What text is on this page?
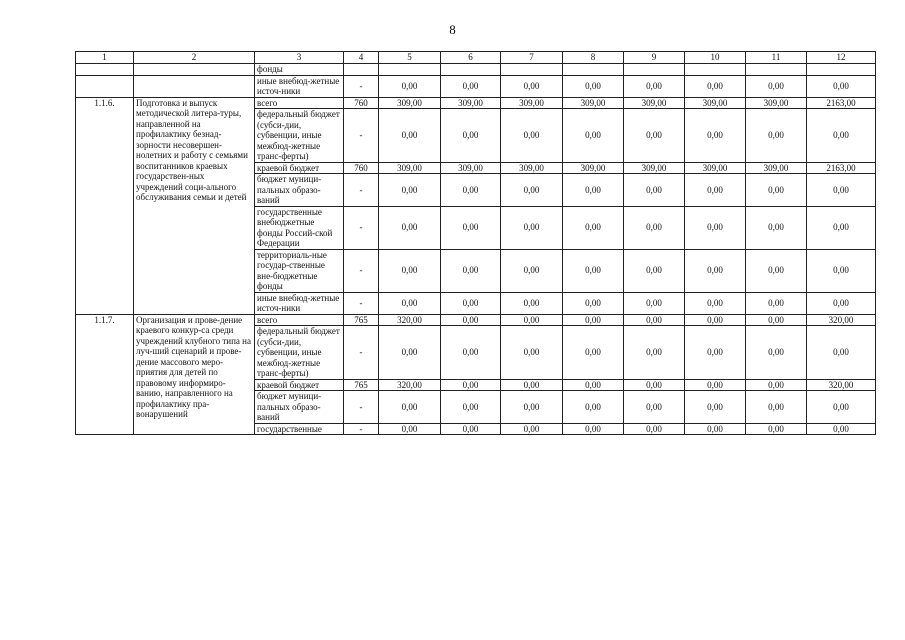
8
1	2	3	4	5	6	7	8	9	10	11	12
		фонды									
		иные внебюд-жетные источ-ники	-	0,00	0,00	0,00	0,00	0,00	0,00	0,00	0,00
1.1.6.	Подготовка и выпуск методической литера-туры, направленной на профилактику безнад-зорности несовершен-нолетних и работу с семьями воспитанников краевых государствен-ных учреждений соци-ального обслуживания семьи и детей	всего	760	309,00	309,00	309,00	309,00	309,00	309,00	309,00	2163,00
		федеральный бюджет (субси-дии, субвенции, иные межбюд-жетные транс-ферты)	-	0,00	0,00	0,00	0,00	0,00	0,00	0,00	0,00
		краевой бюджет	760	309,00	309,00	309,00	309,00	309,00	309,00	309,00	2163,00
		бюджет муници-пальных образо-ваний	-	0,00	0,00	0,00	0,00	0,00	0,00	0,00	0,00
		государственные внебюджетные фонды Россий-ской Федерации	-	0,00	0,00	0,00	0,00	0,00	0,00	0,00	0,00
		территориаль-ные государ-ственные вне-бюджетные фонды	-	0,00	0,00	0,00	0,00	0,00	0,00	0,00	0,00
		иные внебюд-жетные источ-ники	-	0,00	0,00	0,00	0,00	0,00	0,00	0,00	0,00
1.1.7.	Организация и прове-дение краевого конкур-са среди учреждений клубного типа на луч-ший сценарий и прове-дение массового меро-приятия для детей по правовому информиро-ванию, направленного на профилактику пра-вонарушений	всего	765	320,00	0,00	0,00	0,00	0,00	0,00	0,00	320,00
		федеральный бюджет (субси-дии, субвенции, иные межбюд-жетные транс-ферты)	-	0,00	0,00	0,00	0,00	0,00	0,00	0,00	0,00
		краевой бюджет	765	320,00	0,00	0,00	0,00	0,00	0,00	0,00	320,00
		бюджет муници-пальных образо-ваний	-	0,00	0,00	0,00	0,00	0,00	0,00	0,00	0,00
		государственные	-	0,00	0,00	0,00	0,00	0,00	0,00	0,00	0,00
